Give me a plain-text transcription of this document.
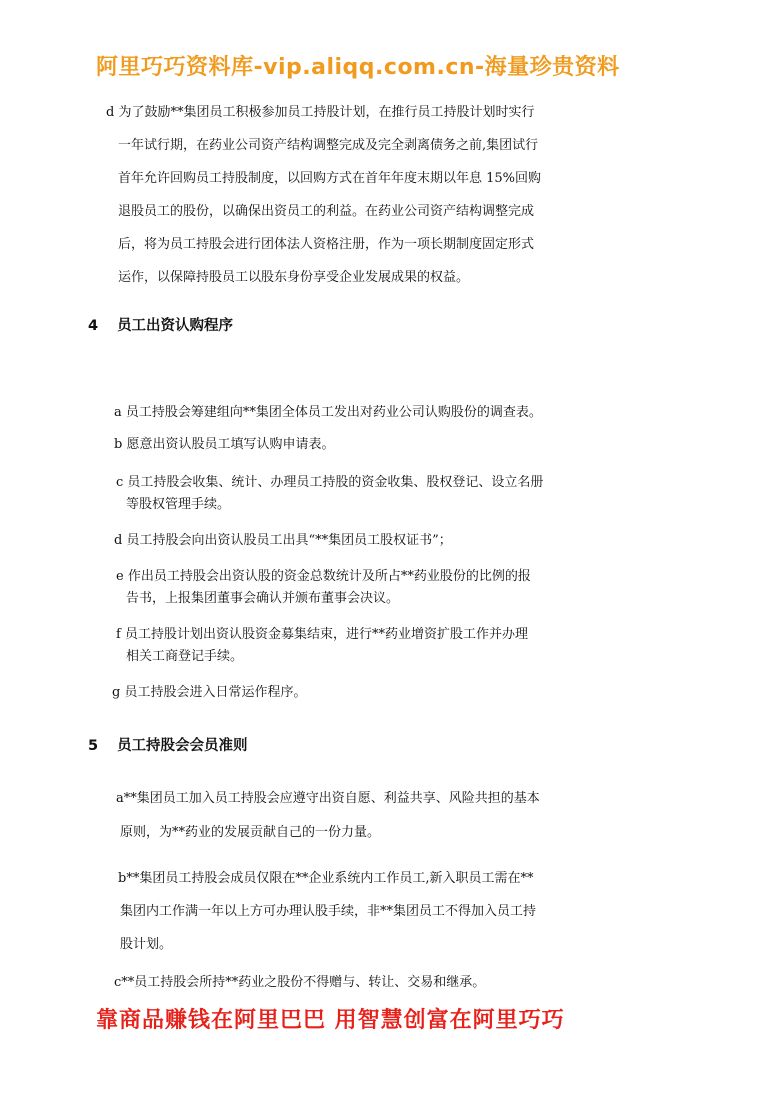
阿里巧巧资料库-vip.aliqq.com.cn-海量珍贵资料
d 为了鼓励**集团员工积极参加员工持股计划，在推行员工持股计划时实行
一年试行期，在药业公司资产结构调整完成及完全剥离债务之前,集团试行
首年允许回购员工持股制度，以回购方式在首年年度末期以年息 15%回购
退股员工的股份，以确保出资员工的利益。在药业公司资产结构调整完成
后，将为员工持股会进行团体法人资格注册，作为一项长期制度固定形式
运作，以保障持股员工以股东身份享受企业发展成果的权益。
4 员工出资认购程序
a 员工持股会筹建组向**集团全体员工发出对药业公司认购股份的调查表。
b 愿意出资认股员工填写认购申请表。
c 员工持股会收集、统计、办理员工持股的资金收集、股权登记、设立名册
等股权管理手续。
d 员工持股会向出资认股员工出具“**集团员工股权证书”；
e 作出员工持股会出资认股的资金总数统计及所占**药业股份的比例的报
告书，上报集团董事会确认并颁布董事会决议。
f 员工持股计划出资认股资金募集结束，进行**药业增资扩股工作并办理
相关工商登记手续。
g 员工持股会进入日常运作程序。
5 员工持股会会员准则
a**集团员工加入员工持股会应遵守出资自愿、利益共享、风险共担的基本
原则，为**药业的发展贡献自己的一份力量。
b**集团员工持股会成员仅限在**企业系统内工作员工,新入职员工需在**
集团内工作满一年以上方可办理认股手续，非**集团员工不得加入员工持
股计划。
c**员工持股会所持**药业之股份不得赠与、转让、交易和继承。
靠商品赚钱在阿里巴巴 用智慧创富在阿里巧巧
